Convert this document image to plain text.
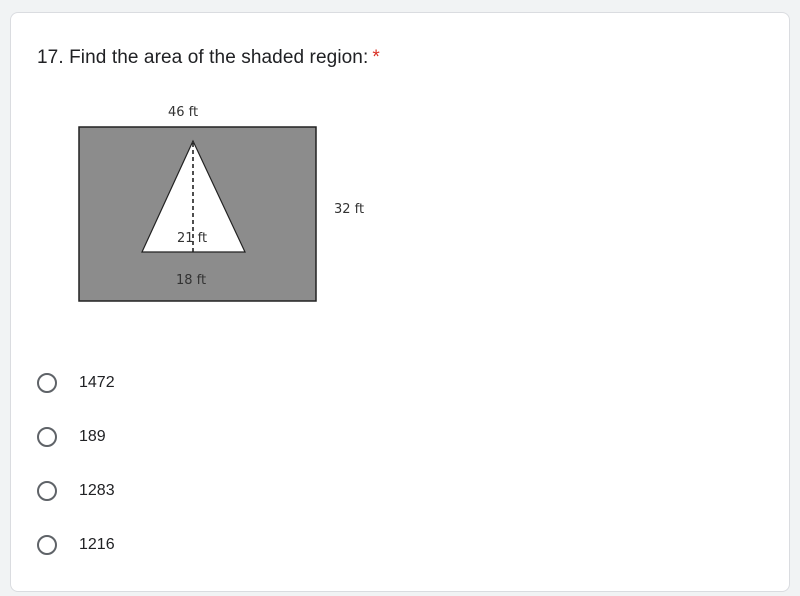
17. Find the area of the shaded region: *
46 ft
21 ft
18 ft
32 ft
1472
189
1283
1216
